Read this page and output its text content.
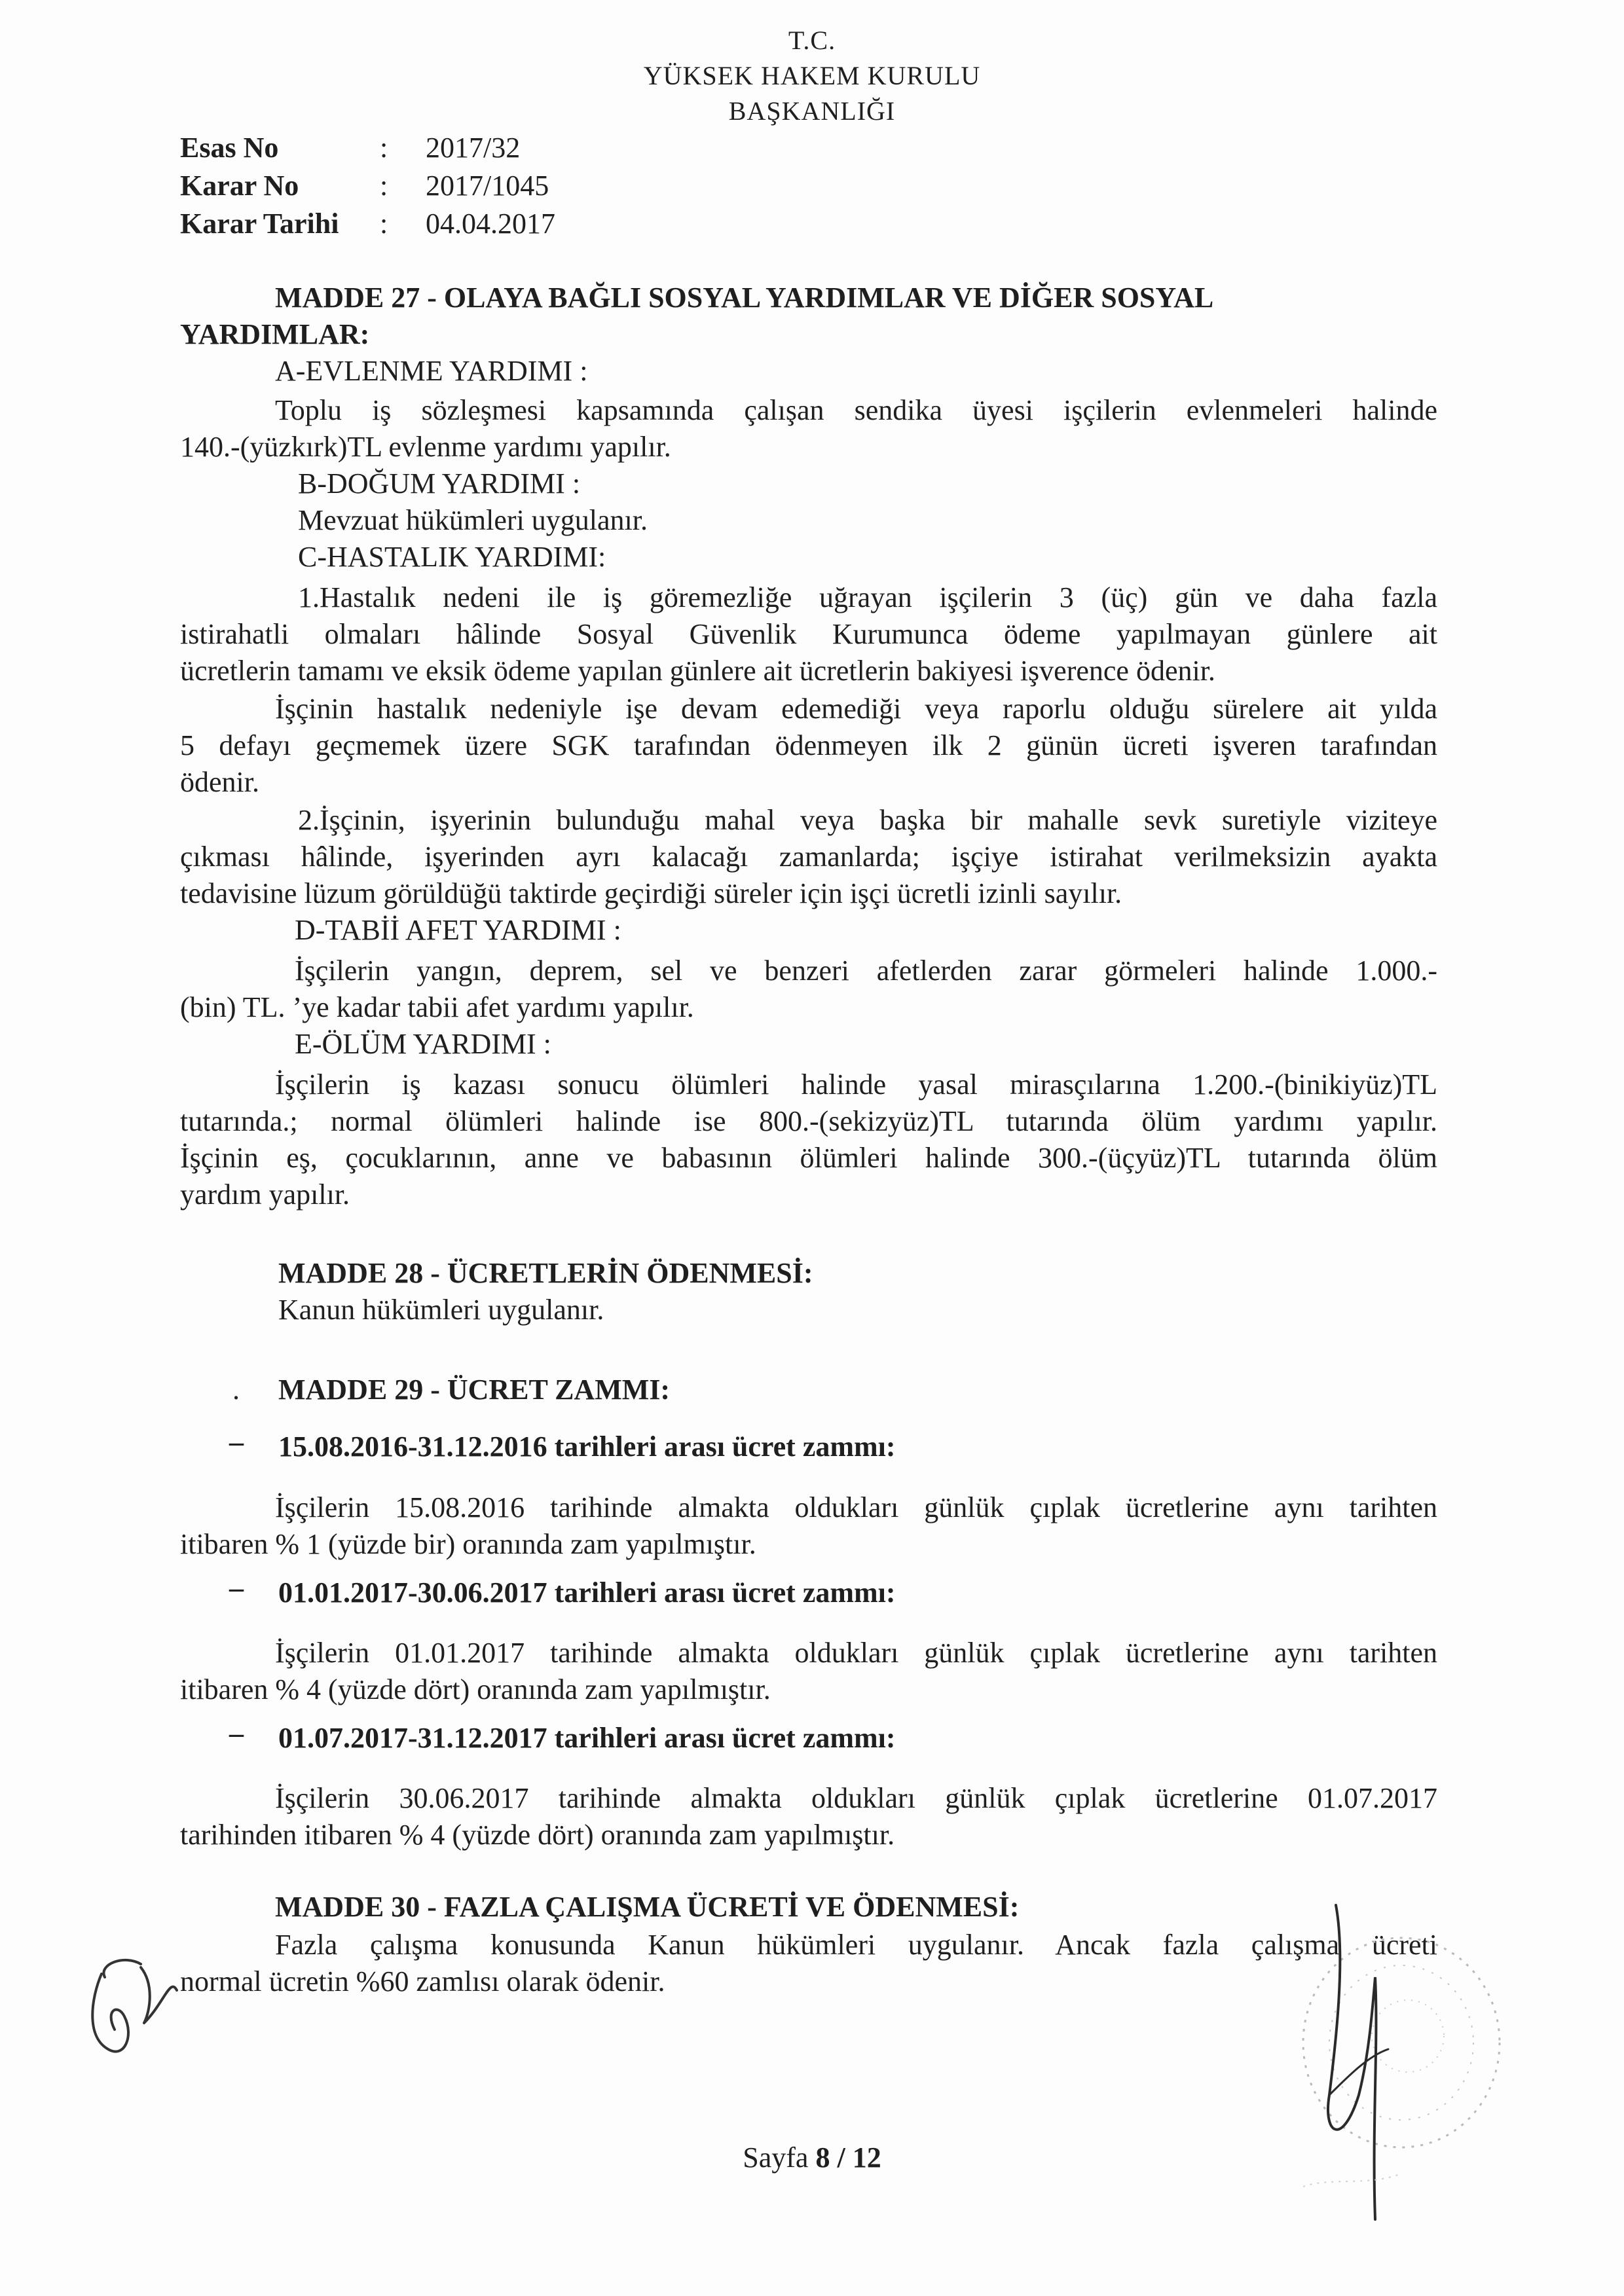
T.C.
YÜKSEK HAKEM KURULU
BAŞKANLIĞI
Esas No	: 2017/32
Karar No	: 2017/1045
Karar Tarihi : 04.04.2017
MADDE 27 - OLAYA BAĞLI SOSYAL YARDIMLAR VE DİĞER SOSYAL
YARDIMLAR:
A-EVLENME YARDIMI :
Toplu iş sözleşmesi kapsamında çalışan sendika üyesi işçilerin evlenmeleri halinde
140.-(yüzkırk)TL evlenme yardımı yapılır.
B-DOĞUM YARDIMI :
Mevzuat hükümleri uygulanır.
C-HASTALIK YARDIMI:
1.Hastalık nedeni ile iş göremezliğe uğrayan işçilerin 3 (üç) gün ve daha fazla
istirahatli olmaları hâlinde Sosyal Güvenlik Kurumunca ödeme yapılmayan günlere ait
ücretlerin tamamı ve eksik ödeme yapılan günlere ait ücretlerin bakiyesi işverence ödenir.
İşçinin hastalık nedeniyle işe devam edemediği veya raporlu olduğu sürelere ait yılda
5 defayı geçmemek üzere SGK tarafından ödenmeyen ilk 2 günün ücreti işveren tarafından
ödenir.
2.İşçinin, işyerinin bulunduğu mahal veya başka bir mahalle sevk suretiyle viziteye
çıkması hâlinde, işyerinden ayrı kalacağı zamanlarda; işçiye istirahat verilmeksizin ayakta
tedavisine lüzum görüldüğü taktirde geçirdiği süreler için işçi ücretli izinli sayılır.
D-TABİİ AFET YARDIMI :
İşçilerin yangın, deprem, sel ve benzeri afetlerden zarar görmeleri halinde 1.000.-
(bin) TL. ’ye kadar tabii afet yardımı yapılır.
E-ÖLÜM YARDIMI :
İşçilerin iş kazası sonucu ölümleri halinde yasal mirasçılarına 1.200.-(binikiyüz)TL
tutarında.; normal ölümleri halinde ise 800.-(sekizyüz)TL tutarında ölüm yardımı yapılır.
İşçinin eş, çocuklarının, anne ve babasının ölümleri halinde 300.-(üçyüz)TL tutarında ölüm
yardım yapılır.
MADDE 28 - ÜCRETLERİN ÖDENMESİ:
Kanun hükümleri uygulanır.
. MADDE 29 - ÜCRET ZAMMI:
– 15.08.2016-31.12.2016 tarihleri arası ücret zammı:
İşçilerin 15.08.2016 tarihinde almakta oldukları günlük çıplak ücretlerine aynı tarihten
itibaren % 1 (yüzde bir) oranında zam yapılmıştır.
– 01.01.2017-30.06.2017 tarihleri arası ücret zammı:
İşçilerin 01.01.2017 tarihinde almakta oldukları günlük çıplak ücretlerine aynı tarihten
itibaren % 4 (yüzde dört) oranında zam yapılmıştır.
– 01.07.2017-31.12.2017 tarihleri arası ücret zammı:
İşçilerin 30.06.2017 tarihinde almakta oldukları günlük çıplak ücretlerine 01.07.2017
tarihinden itibaren % 4 (yüzde dört) oranında zam yapılmıştır.
MADDE 30 - FAZLA ÇALIŞMA ÜCRETİ VE ÖDENMESİ:
Fazla çalışma konusunda Kanun hükümleri uygulanır. Ancak fazla çalışma ücreti
normal ücretin %60 zamlısı olarak ödenir.
Sayfa 8 / 12
